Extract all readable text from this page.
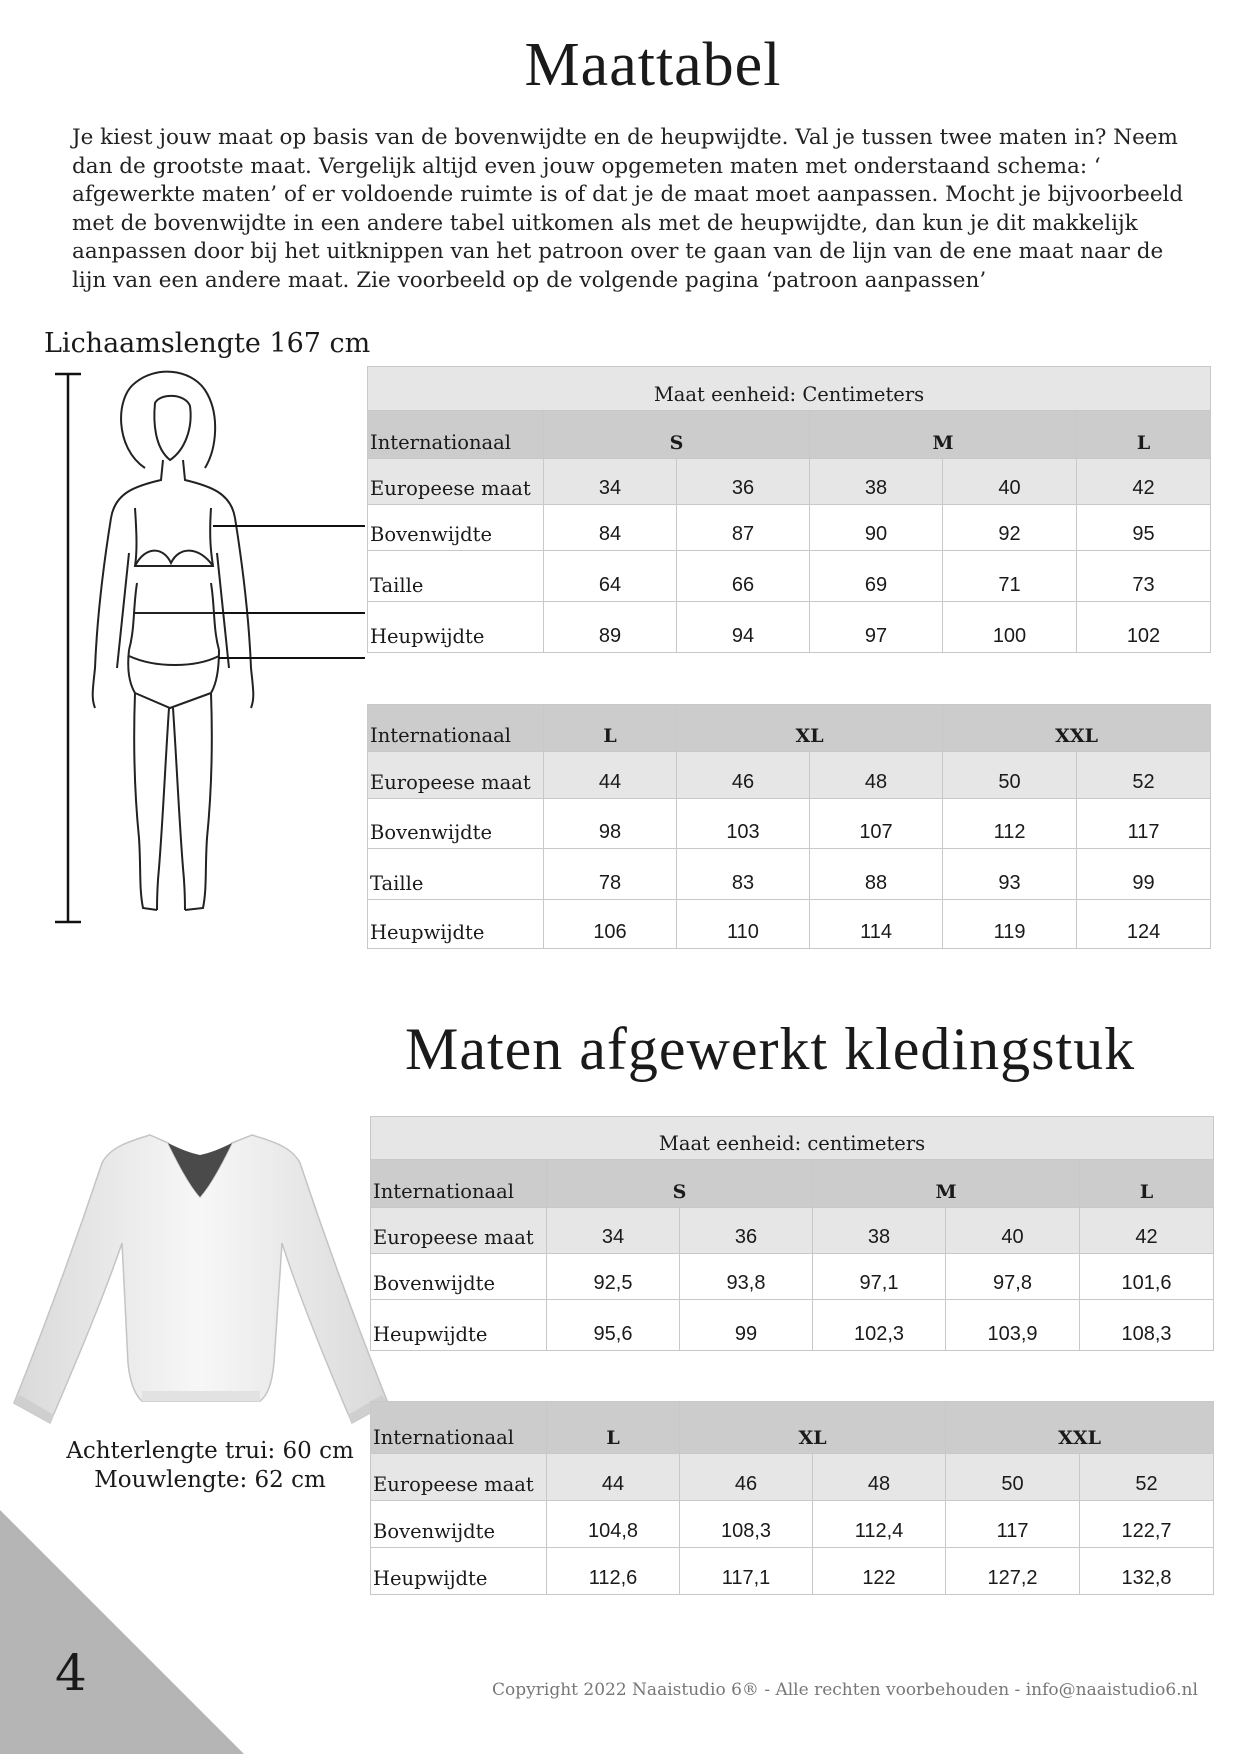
Maattabel
Je kiest jouw maat op basis van de bovenwijdte en de heupwijdte. Val je tussen twee maten in? Neem dan de grootste maat. Vergelijk altijd even jouw opgemeten maten met onderstaand schema: ‘ afgewerkte maten’ of er voldoende ruimte is of dat je de maat moet aanpassen. Mocht je bijvoorbeeld met de bovenwijdte in een andere tabel uitkomen als met de heupwijdte, dan kun je dit makkelijk aanpassen door bij het uitknippen van het patroon over te gaan van de lijn van de ene maat naar de lijn van een andere maat. Zie voorbeeld op de volgende pagina ‘patroon aanpassen’
Lichaamslengte 167 cm
Maat eenheid: Centimeters					
Internationaal	S		M		L
Europeese maat	34	36	38	40	42
Bovenwijdte	84	87	90	92	95
Taille	64	66	69	71	73
Heupwijdte	89	94	97	100	102
Internationaal	L	XL		XXL	
Europeese maat	44	46	48	50	52
Bovenwijdte	98	103	107	112	117
Taille	78	83	88	93	99
Heupwijdte	106	110	114	119	124
Maten afgewerkt kledingstuk
Achterlengte trui: 60 cm
Mouwlengte: 62 cm
Maat eenheid: centimeters					
Internationaal	S		M		L
Europeese maat	34	36	38	40	42
Bovenwijdte	92,5	93,8	97,1	97,8	101,6
Heupwijdte	95,6	99	102,3	103,9	108,3
Internationaal	L	XL		XXL	
Europeese maat	44	46	48	50	52
Bovenwijdte	104,8	108,3	112,4	117	122,7
Heupwijdte	112,6	117,1	122	127,2	132,8
4	Copyright 2022 Naaistudio 6® - Alle rechten voorbehouden - info@naaistudio6.nl
